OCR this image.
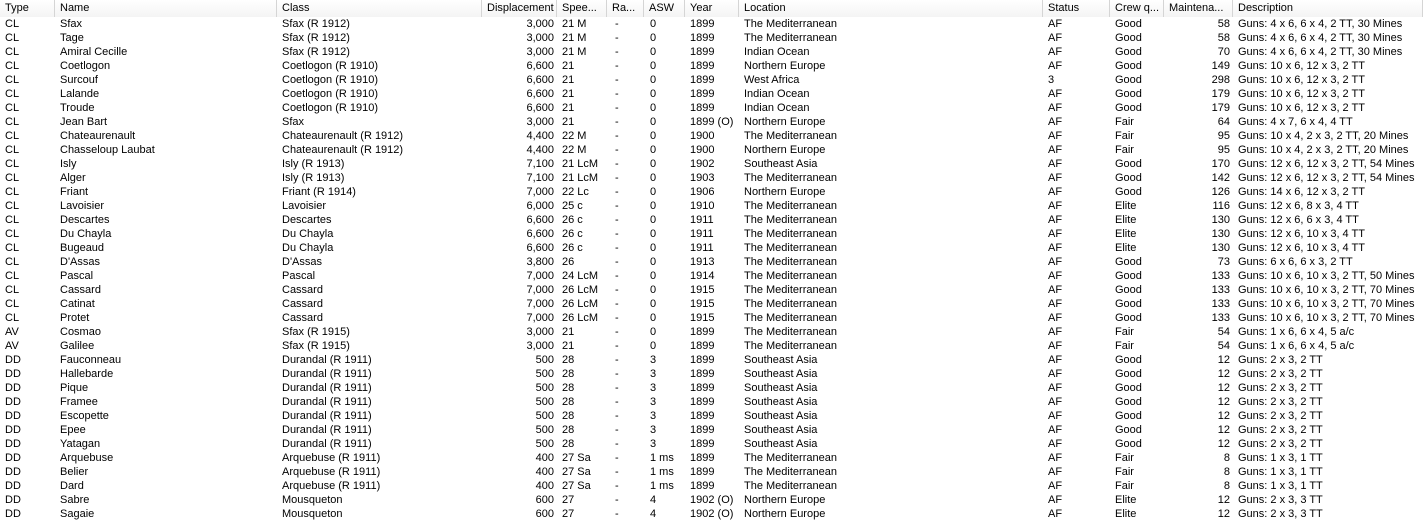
Type	Name	Class	Displacement Spee...	Ra...	ASW	Year	Location	Status	Crew q... Maintena...	Description
CL	Sfax	Sfax (R 1912)	3,000 21 M	-	0	1899	The Mediterranean	AF	Good	58 Guns: 4 x 6, 6 x 4, 2 TT, 30 Mines
CL	Tage	Sfax (R 1912)	3,000 21 M	-	0	1899	The Mediterranean	AF	Good	58 Guns: 4 x 6, 6 x 4, 2 TT, 30 Mines
CL	Amiral Cecille	Sfax (R 1912)	3,000 21 M	-	0	1899	Indian Ocean	AF	Good	70 Guns: 4 x 6, 6 x 4, 2 TT, 30 Mines
CL	Coetlogon	Coetlogon (R 1910)	6,600 21	-	0	1899	Northern Europe	AF	Good	149 Guns: 10 x 6, 12 x 3, 2 TT
CL	Surcouf	Coetlogon (R 1910)	6,600 21	-	0	1899	West Africa	3	Good	298 Guns: 10 x 6, 12 x 3, 2 TT
CL	Lalande	Coetlogon (R 1910)	6,600 21	-	0	1899	Indian Ocean	AF	Good	179 Guns: 10 x 6, 12 x 3, 2 TT
CL	Troude	Coetlogon (R 1910)	6,600 21	-	0	1899	Indian Ocean	AF	Good	179 Guns: 10 x 6, 12 x 3, 2 TT
CL	Jean Bart	Sfax	3,000 21	-	0	1899 (O) Northern Europe	AF	Fair	64 Guns: 4 x 7, 6 x 4, 4 TT
CL	Chateaurenault	Chateaurenault (R 1912)	4,400 22 M	-	0	1900	The Mediterranean	AF	Fair	95 Guns: 10 x 4, 2 x 3, 2 TT, 20 Mines
CL	Chasseloup Laubat	Chateaurenault (R 1912)	4,400 22 M	-	0	1900	Northern Europe	AF	Fair	95 Guns: 10 x 4, 2 x 3, 2 TT, 20 Mines
CL	Isly	Isly (R 1913)	7,100 21 LcM	-	0	1902	Southeast Asia	AF	Good	170 Guns: 12 x 6, 12 x 3, 2 TT, 54 Mines
CL	Alger	Isly (R 1913)	7,100 21 LcM	-	0	1903	The Mediterranean	AF	Good	142 Guns: 12 x 6, 12 x 3, 2 TT, 54 Mines
CL	Friant	Friant (R 1914)	7,000 22 Lc	-	0	1906	Northern Europe	AF	Good	126 Guns: 14 x 6, 12 x 3, 2 TT
CL	Lavoisier	Lavoisier	6,000 25 c	-	0	1910	The Mediterranean	AF	Elite	116 Guns: 12 x 6, 8 x 3, 4 TT
CL	Descartes	Descartes	6,600 26 c	-	0	1911	The Mediterranean	AF	Elite	130 Guns: 12 x 6, 6 x 3, 4 TT
CL	Du Chayla	Du Chayla	6,600 26 c	-	0	1911	The Mediterranean	AF	Elite	130 Guns: 12 x 6, 10 x 3, 4 TT
CL	Bugeaud	Du Chayla	6,600 26 c	-	0	1911	The Mediterranean	AF	Elite	130 Guns: 12 x 6, 10 x 3, 4 TT
CL	D'Assas	D'Assas	3,800 26	-	0	1913	The Mediterranean	AF	Good	73 Guns: 6 x 6, 6 x 3, 2 TT
CL	Pascal	Pascal	7,000 24 LcM	-	0	1914	The Mediterranean	AF	Good	133 Guns: 10 x 6, 10 x 3, 2 TT, 50 Mines
CL	Cassard	Cassard	7,000 26 LcM	-	0	1915	The Mediterranean	AF	Good	133 Guns: 10 x 6, 10 x 3, 2 TT, 70 Mines
CL	Catinat	Cassard	7,000 26 LcM	-	0	1915	The Mediterranean	AF	Good	133 Guns: 10 x 6, 10 x 3, 2 TT, 70 Mines
CL	Protet	Cassard	7,000 26 LcM	-	0	1915	The Mediterranean	AF	Good	133 Guns: 10 x 6, 10 x 3, 2 TT, 70 Mines
AV	Cosmao	Sfax (R 1915)	3,000 21	-	0	1899	The Mediterranean	AF	Fair	54 Guns: 1 x 6, 6 x 4, 5 a/c
AV	Galilee	Sfax (R 1915)	3,000 21	-	0	1899	The Mediterranean	AF	Fair	54 Guns: 1 x 6, 6 x 4, 5 a/c
DD	Fauconneau	Durandal (R 1911)	500 28	-	3	1899	Southeast Asia	AF	Good	12 Guns: 2 x 3, 2 TT
DD	Hallebarde	Durandal (R 1911)	500 28	-	3	1899	Southeast Asia	AF	Good	12 Guns: 2 x 3, 2 TT
DD	Pique	Durandal (R 1911)	500 28	-	3	1899	Southeast Asia	AF	Good	12 Guns: 2 x 3, 2 TT
DD	Framee	Durandal (R 1911)	500 28	-	3	1899	Southeast Asia	AF	Good	12 Guns: 2 x 3, 2 TT
DD	Escopette	Durandal (R 1911)	500 28	-	3	1899	Southeast Asia	AF	Good	12 Guns: 2 x 3, 2 TT
DD	Epee	Durandal (R 1911)	500 28	-	3	1899	Southeast Asia	AF	Good	12 Guns: 2 x 3, 2 TT
DD	Yatagan	Durandal (R 1911)	500 28	-	3	1899	Southeast Asia	AF	Good	12 Guns: 2 x 3, 2 TT
DD	Arquebuse	Arquebuse (R 1911)	400 27 Sa	-	1 ms	1899	The Mediterranean	AF	Fair	8 Guns: 1 x 3, 1 TT
DD	Belier	Arquebuse (R 1911)	400 27 Sa	-	1 ms	1899	The Mediterranean	AF	Fair	8 Guns: 1 x 3, 1 TT
DD	Dard	Arquebuse (R 1911)	400 27 Sa	-	1 ms	1899	The Mediterranean	AF	Fair	8 Guns: 1 x 3, 1 TT
DD	Sabre	Mousqueton	600 27	-	4	1902 (O) Northern Europe	AF	Elite	12 Guns: 2 x 3, 3 TT
DD	Sagaie	Mousqueton	600 27	-	4	1902 (O) Northern Europe	AF	Elite	12 Guns: 2 x 3, 3 TT
